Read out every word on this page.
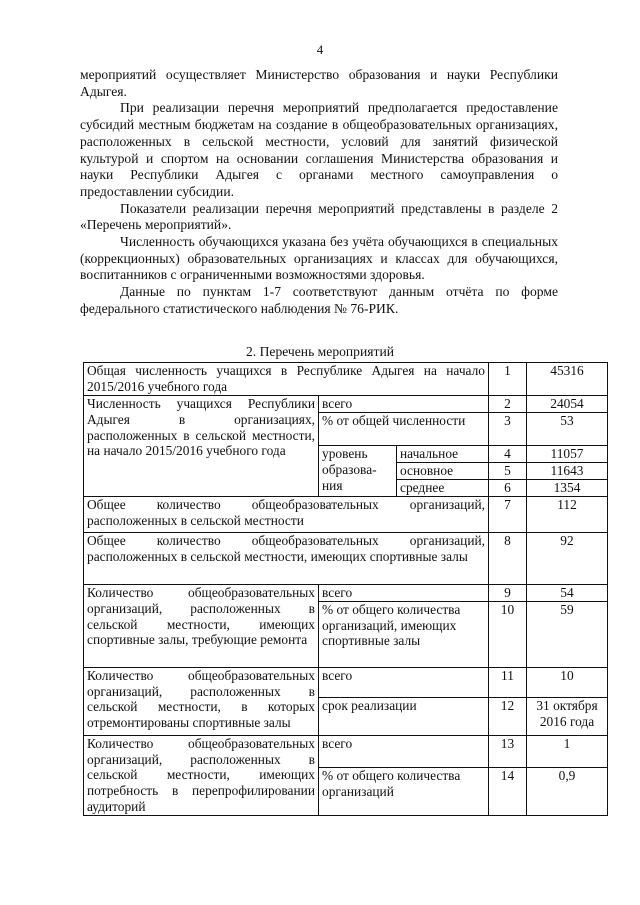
4

мероприятий осуществляет Министерство образования и науки Республики Адыгея.

При реализации перечня мероприятий предполагается предоставление субсидий местным бюджетам на создание в общеобразовательных организациях, расположенных в сельской местности, условий для занятий физической культурой и спортом на основании соглашения Министерства образования и науки Республики Адыгея с органами местного самоуправления о предоставлении субсидии.

Показатели реализации перечня мероприятий представлены в разделе 2 «Перечень мероприятий».

Численность обучающихся указана без учёта обучающихся в специальных (коррекционных) образовательных организациях и классах для обучающихся, воспитанников с ограниченными возможностями здоровья.

Данные по пунктам 1-7 соответствуют данным отчёта по форме федерального статистического наблюдения № 76-РИК.

2. Перечень мероприятий
Общая численность учащихся в Республике Адыгея на начало 2015/2016 учебного года			1	45316
Численность учащихся Республики Адыгея в организациях, расположенных в сельской местности, на начало 2015/2016 учебного года	всего		2	24054
	% от общей численности		3	53
	уровень образова-ния	начальное	4	11057
		основное	5	11643
		среднее	6	1354
Общее количество общеобразовательных организаций, расположенных в сельской местности			7	112
Общее количество общеобразовательных организаций, расположенных в сельской местности, имеющих спортивные залы			8	92
Количество общеобразовательных организаций, расположенных в сельской местности, имеющих спортивные залы, требующие ремонта	всего		9	54
	% от общего количества организаций, имеющих спортивные залы		10	59
Количество общеобразовательных организаций, расположенных в сельской местности, в которых отремонтированы спортивные залы	всего		11	10
	срок реализации		12	31 октября 2016 года
Количество общеобразовательных организаций, расположенных в сельской местности, имеющих потребность в перепрофилировании аудиторий	всего		13	1
	% от общего количества организаций		14	0,9
